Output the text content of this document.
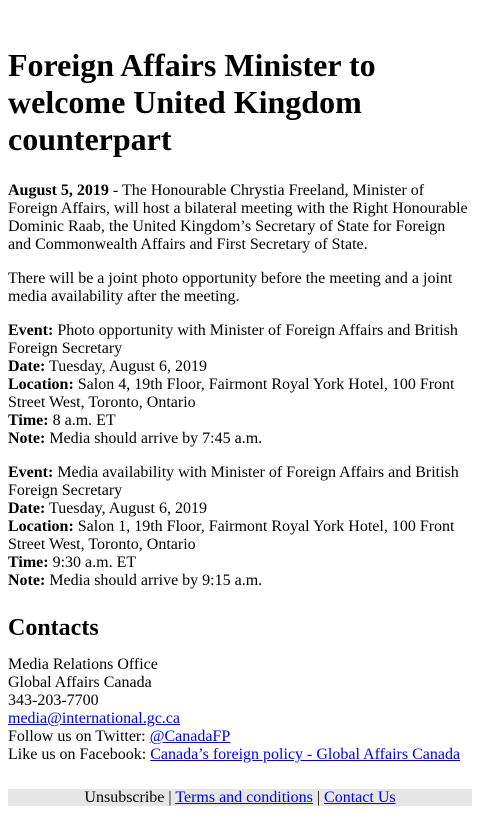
Foreign Affairs Minister to welcome United Kingdom counterpart

August 5, 2019 - The Honourable Chrystia Freeland, Minister of Foreign Affairs, will host a bilateral meeting with the Right Honourable Dominic Raab, the United Kingdom’s Secretary of State for Foreign and Commonwealth Affairs and First Secretary of State.

There will be a joint photo opportunity before the meeting and a joint media availability after the meeting.

Event: Photo opportunity with Minister of Foreign Affairs and British Foreign Secretary
Date: Tuesday, August 6, 2019
Location: Salon 4, 19th Floor, Fairmont Royal York Hotel, 100 Front Street West, Toronto, Ontario
Time: 8 a.m. ET
Note: Media should arrive by 7:45 a.m.
Event: Media availability with Minister of Foreign Affairs and British Foreign Secretary
Date: Tuesday, August 6, 2019
Location: Salon 1, 19th Floor, Fairmont Royal York Hotel, 100 Front Street West, Toronto, Ontario
Time: 9:30 a.m. ET
Note: Media should arrive by 9:15 a.m.
Contacts
Media Relations Office
Global Affairs Canada
343-203-7700
media@international.gc.ca
Follow us on Twitter: @CanadaFP
Like us on Facebook: Canada’s foreign policy - Global Affairs Canada
Unsubscribe | Terms and conditions | Contact Us
